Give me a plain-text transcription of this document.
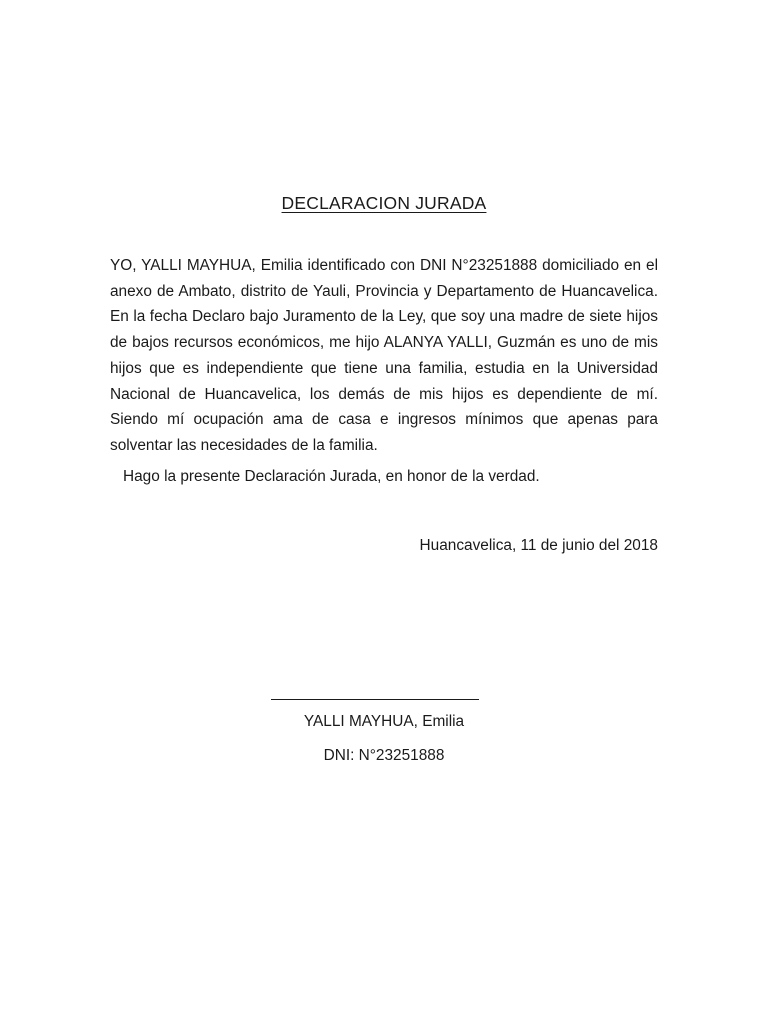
DECLARACION JURADA

YO, YALLI MAYHUA, Emilia identificado con DNI N°23251888 domiciliado en el anexo de Ambato, distrito de Yauli, Provincia y Departamento de Huancavelica. En la fecha Declaro bajo Juramento de la Ley, que soy una madre de siete hijos de bajos recursos económicos, me hijo ALANYA YALLI, Guzmán es uno de mis hijos que es independiente que tiene una familia, estudia en la Universidad Nacional de Huancavelica, los demás de mis hijos es dependiente de mí. Siendo mí ocupación ama de casa e ingresos mínimos que apenas para solventar las necesidades de la familia.

Hago la presente Declaración Jurada, en honor de la verdad.
Huancavelica, 11 de junio del 2018
YALLI MAYHUA, Emilia
DNI: N°23251888
